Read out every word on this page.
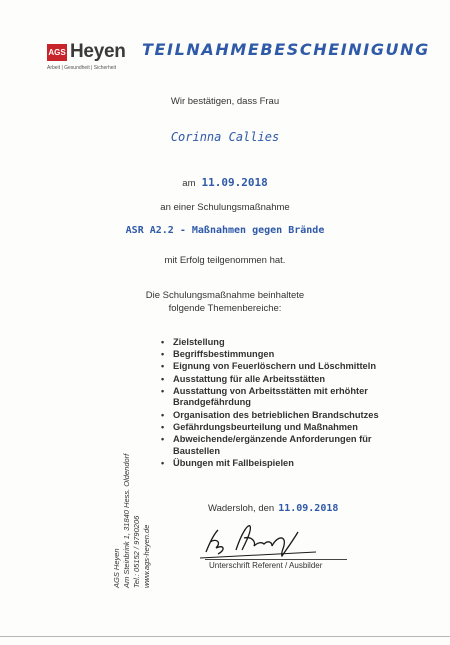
AGS Heyen
Arbeit | Gesundheit | Sicherheit
TEILNAHMEBESCHEINIGUNG
Wir bestätigen, dass Frau
Corinna Callies
am 11.09.2018
an einer Schulungsmaßnahme
ASR A2.2 - Maßnahmen gegen Brände
mit Erfolg teilgenommen hat.
Die Schulungsmaßnahme beinhaltete
folgende Themenbereiche:
• Zielstellung
• Begriffsbestimmungen
• Eignung von Feuerlöschern und Löschmitteln
• Ausstattung für alle Arbeitsstätten
• Ausstattung von Arbeitsstätten mit erhöhter Brandgefährdung
• Organisation des betrieblichen Brandschutzes
• Gefährdungsbeurteilung und Maßnahmen
• Abweichende/ergänzende Anforderungen für Baustellen
• Übungen mit Fallbeispielen
Wadersloh, den 11.09.2018
Unterschrift Referent / Ausbilder
AGS Heyen Am Steinbrink 1, 31840 Hess. Oldendorf Tel.: 05152 / 9790206 www.ags-heyen.de
